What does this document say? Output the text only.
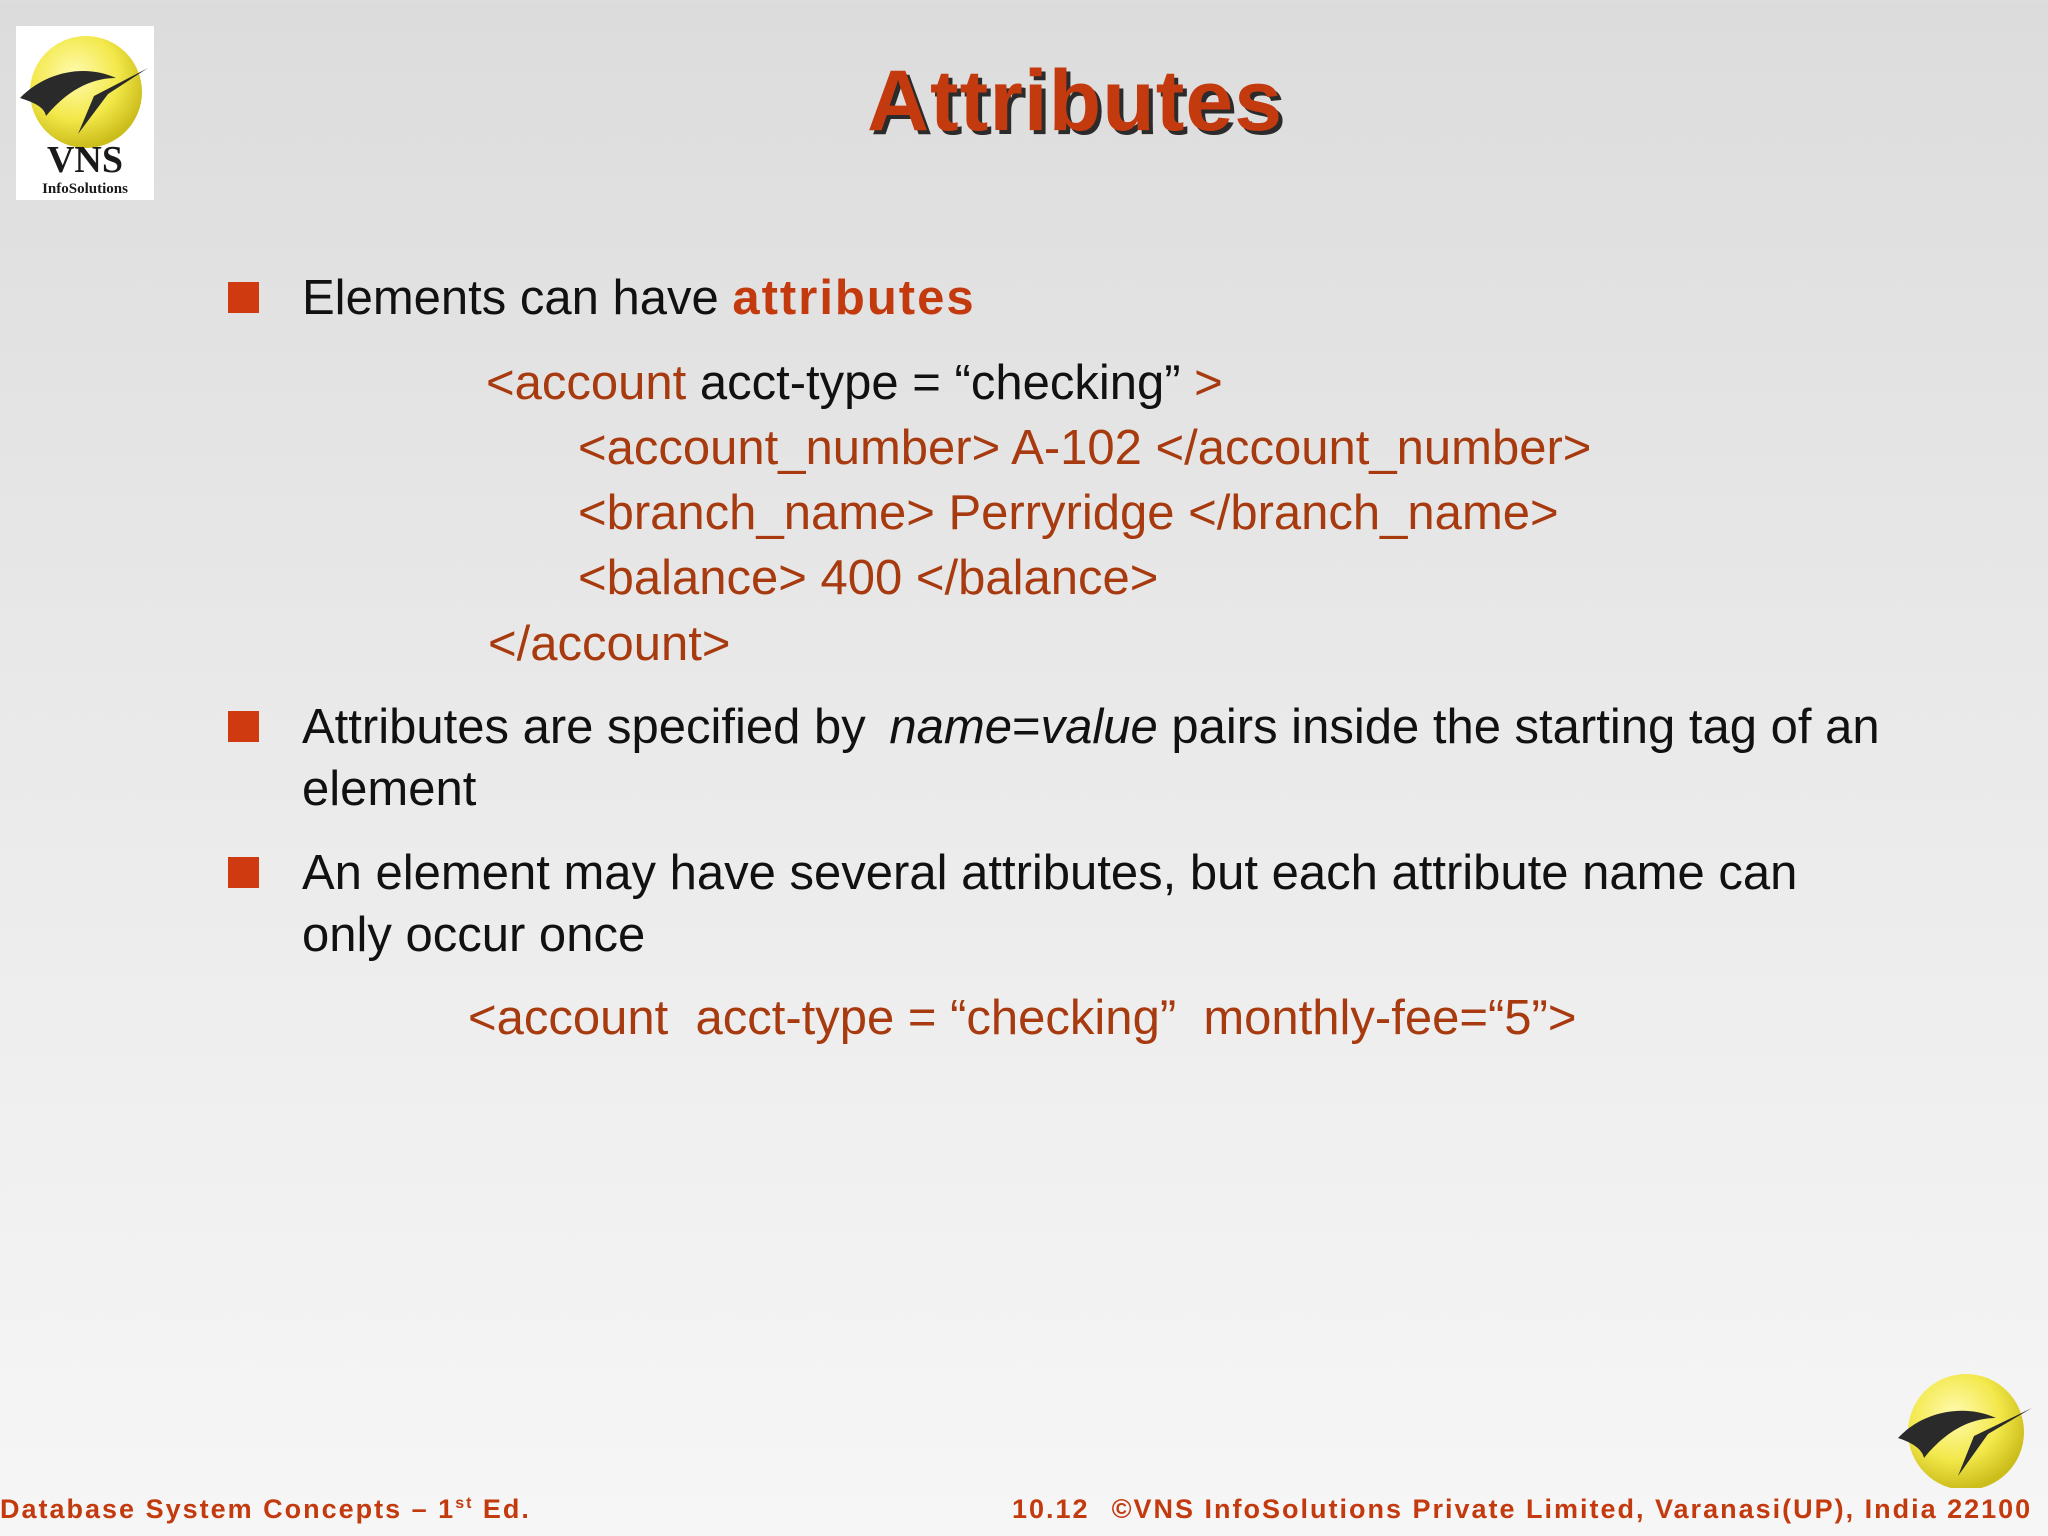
VNS
InfoSolutions
Attributes
Elements can have attributes
<account acct-type = “checking” >
<account_number> A-102 </account_number>
<branch_name> Perryridge </branch_name>
<balance> 400 </balance>
</account>
Attributes are specified by name=value pairs inside the starting tag of an
element
An element may have several attributes, but each attribute name can
only occur once
<account  acct-type = “checking”  monthly-fee=“5”>
Database System Concepts – 1st Ed.	10.12 ©VNS InfoSolutions Private Limited, Varanasi(UP), India 22100
